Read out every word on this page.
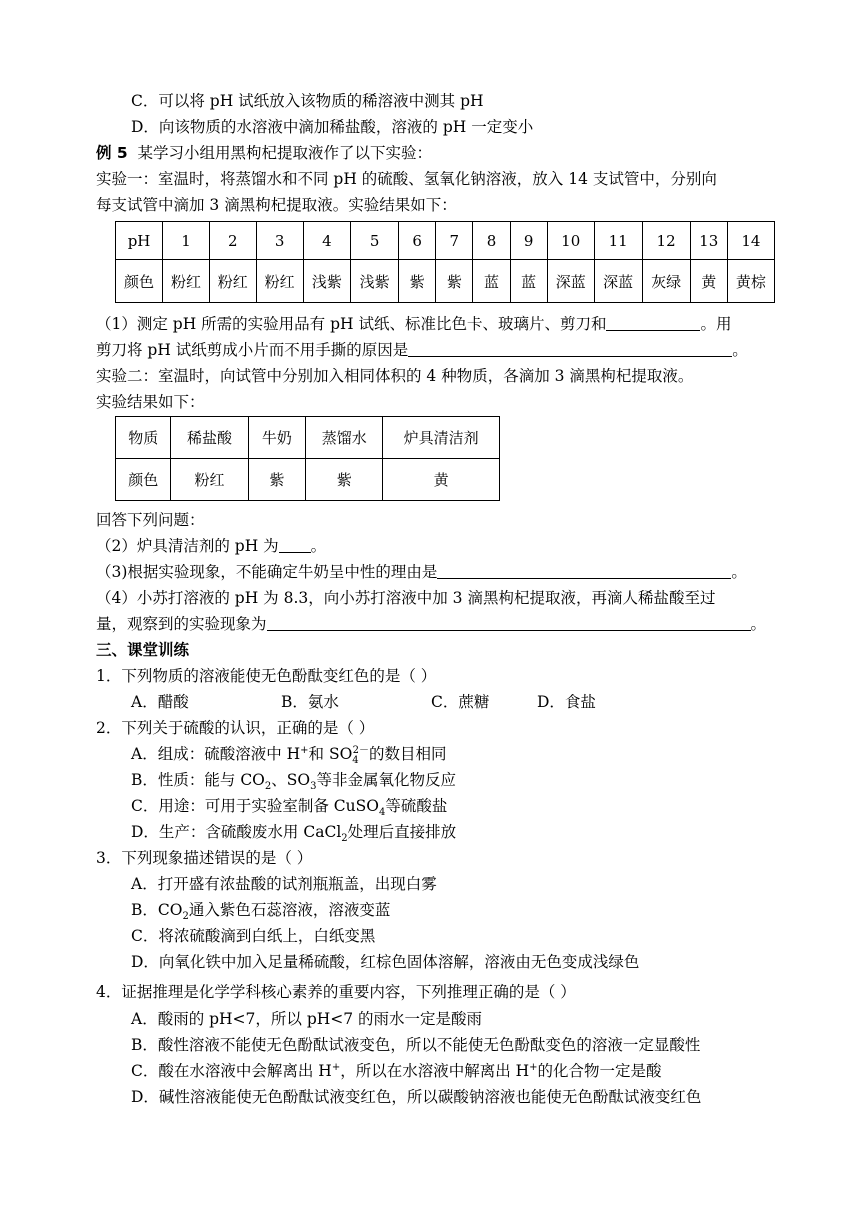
C．可以将 pH 试纸放入该物质的稀溶液中测其 pH
D．向该物质的水溶液中滴加稀盐酸，溶液的 pH 一定变小
例 5 某学习小组用黑枸杞提取液作了以下实验：
实验一：室温时，将蒸馏水和不同 pH 的硫酸、氢氧化钠溶液，放入 14 支试管中，分别向
每支试管中滴加 3 滴黑枸杞提取液。实验结果如下：
pH	1	2	3	4	5	6	7	8	9	10	11	12	13	14
颜色	粉红	粉红	粉红	浅紫	浅紫	紫	紫	蓝	蓝	深蓝	深蓝	灰绿	黄	黄棕
（1）测定 pH 所需的实验用品有 pH 试纸、标准比色卡、玻璃片、剪刀和	。用
剪刀将 pH 试纸剪成小片而不用手撕的原因是	。
实验二：室温时，向试管中分别加入相同体积的 4 种物质，各滴加 3 滴黑枸杞提取液。
实验结果如下：
物质	稀盐酸	牛奶	蒸馏水	炉具清洁剂
颜色	粉红	紫	紫	黄
回答下列问题：
（2）炉具清洁剂的 pH 为 。
（3)根据实验现象，不能确定牛奶呈中性的理由是	。
（4）小苏打溶液的 pH 为 8.3，向小苏打溶液中加 3 滴黑枸杞提取液，再滴人稀盐酸至过
量，观察到的实验现象为	。
三、课堂训练
1．下列物质的溶液能使无色酚酞变红色的是（ ）
A．醋酸	B．氨水	C．蔗糖	D．食盐
2．下列关于硫酸的认识，正确的是（ ）
A．组成：硫酸溶液中 H+和 $SO_4^{2-}$的数目相同
B．性质：能与 $CO_2$、$SO_3$等非金属氧化物反应
C．用途：可用于实验室制备 CuSO$_4$等硫酸盐
D．生产：含硫酸废水用 CaCl$_2$处理后直接排放
3．下列现象描述错误的是（ ）
A．打开盛有浓盐酸的试剂瓶瓶盖，出现白雾
B．$CO_2$通入紫色石蕊溶液，溶液变蓝
C．将浓硫酸滴到白纸上，白纸变黑
D．向氧化铁中加入足量稀硫酸，红棕色固体溶解，溶液由无色变成浅绿色
4．证据推理是化学学科核心素养的重要内容，下列推理正确的是（ ）
A．酸雨的 pH<7，所以 pH<7 的雨水一定是酸雨
B．酸性溶液不能使无色酚酞试液变色，所以不能使无色酚酞变色的溶液一定显酸性
C．酸在水溶液中会解离出 H+，所以在水溶液中解离出 H+的化合物一定是酸
D．碱性溶液能使无色酚酞试液变红色，所以碳酸钠溶液也能使无色酚酞试液变红色
